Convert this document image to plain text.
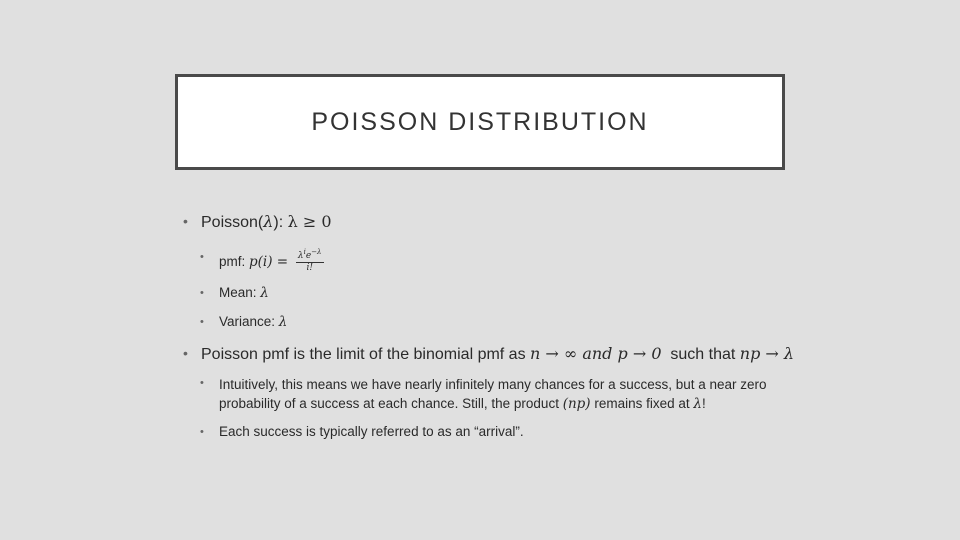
POISSON DISTRIBUTION
• Poisson(λ): λ ≥ 0
• pmf: $p(i) = \frac{\lambda^ie^{-\lambda}}{i!}$
• Mean: λ
• Variance: λ
• Poisson pmf is the limit of the binomial pmf as n → ∞ and p → 0  such that np → λ
• Intuitively, this means we have nearly infinitely many chances for a success, but a near zero probability of a success at each chance. Still, the product (np) remains fixed at λ!
• Each success is typically referred to as an “arrival”.
